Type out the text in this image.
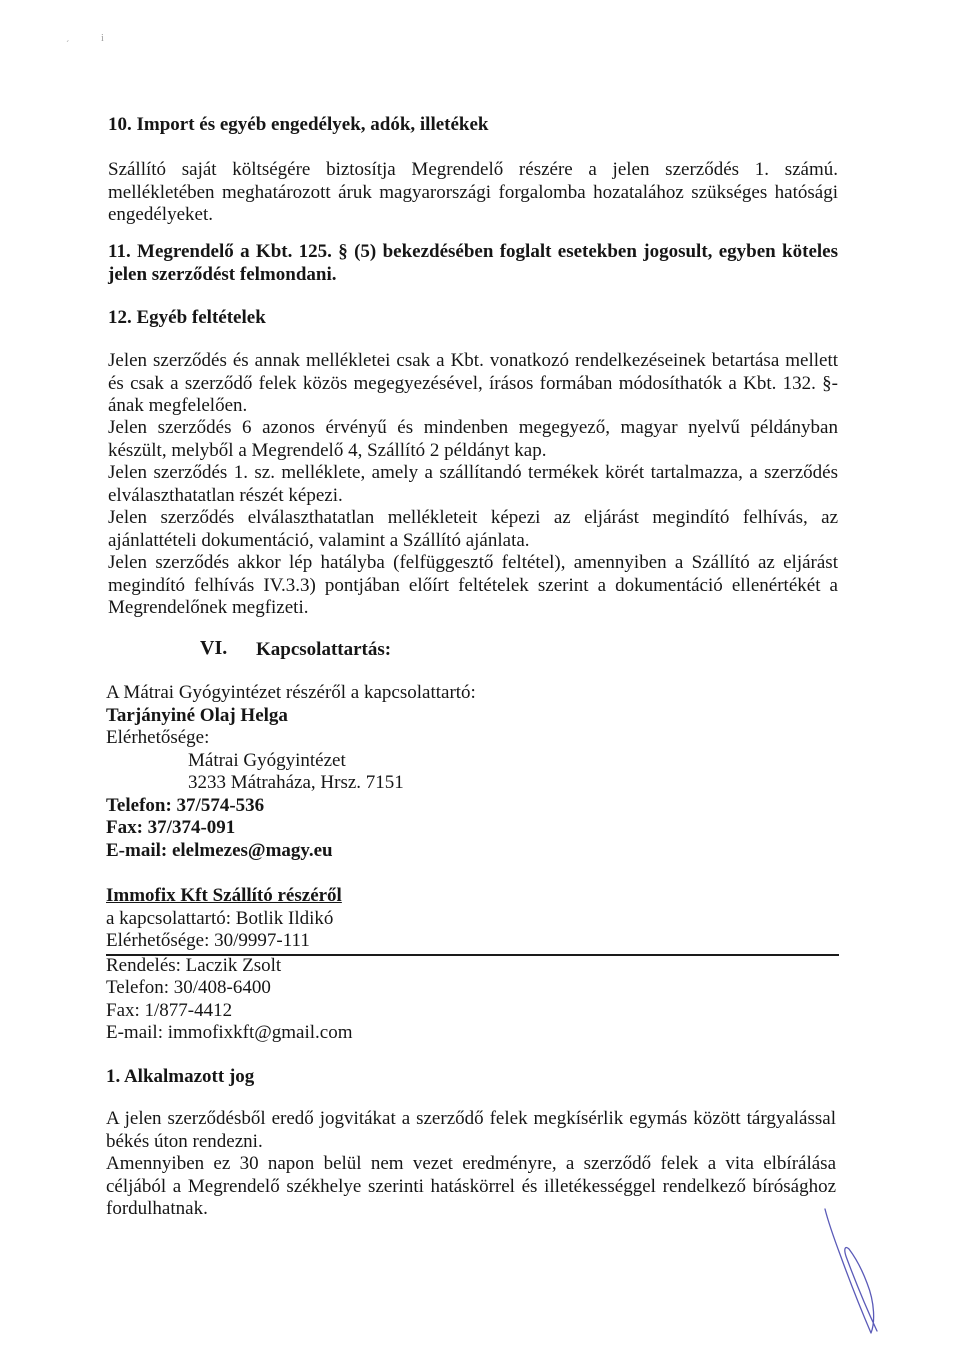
ˊ
i
10. Import és egyéb engedélyek, adók, illetékek
Szállító saját költségére biztosítja Megrendelő részére a jelen szerződés 1. számú. mellékletében meghatározott áruk magyarországi forgalomba hozatalához szükséges hatósági engedélyeket.
11. Megrendelő a Kbt. 125. § (5) bekezdésében foglalt esetekben jogosult, egyben köteles jelen szerződést felmondani.
12. Egyéb feltételek
Jelen szerződés és annak mellékletei csak a Kbt. vonatkozó rendelkezéseinek betartása mellett és csak a szerződő felek közös megegyezésével, írásos formában módosíthatók a Kbt. 132. §-ának megfelelően.
Jelen szerződés 6 azonos érvényű és mindenben megegyező, magyar nyelvű példányban készült, melyből a Megrendelő 4, Szállító 2 példányt kap.
Jelen szerződés 1. sz. melléklete, amely a szállítandó termékek körét tartalmazza, a szerződés elválaszthatatlan részét képezi.
Jelen szerződés elválaszthatatlan mellékleteit képezi az eljárást megindító felhívás, az ajánlattételi dokumentáció, valamint a Szállító ajánlata.
Jelen szerződés akkor lép hatályba (felfüggesztő feltétel), amennyiben a Szállító az eljárást megindító felhívás IV.3.3) pontjában előírt feltételek szerint a dokumentáció ellenértékét a Megrendelőnek megfizeti.
VI. Kapcsolattartás:
A Mátrai Gyógyintézet részéről a kapcsolattartó:
Tarjányiné Olaj Helga
Elérhetősége:
Mátrai Gyógyintézet
3233 Mátraháza, Hrsz. 7151
Telefon: 37/574-536
Fax: 37/374-091
E-mail: elelmezes@magy.eu
Immofix Kft Szállító részéről
a kapcsolattartó: Botlik Ildikó
Elérhetősége: 30/9997-111
Rendelés: Laczik Zsolt
Telefon: 30/408-6400
Fax: 1/877-4412
E-mail: immofixkft@gmail.com
1. Alkalmazott jog
A jelen szerződésből eredő jogvitákat a szerződő felek megkísérlik egymás között tárgyalással békés úton rendezni.
Amennyiben ez 30 napon belül nem vezet eredményre, a szerződő felek a vita elbírálása céljából a Megrendelő székhelye szerinti hatáskörrel és illetékességgel rendelkező bírósághoz fordulhatnak.
